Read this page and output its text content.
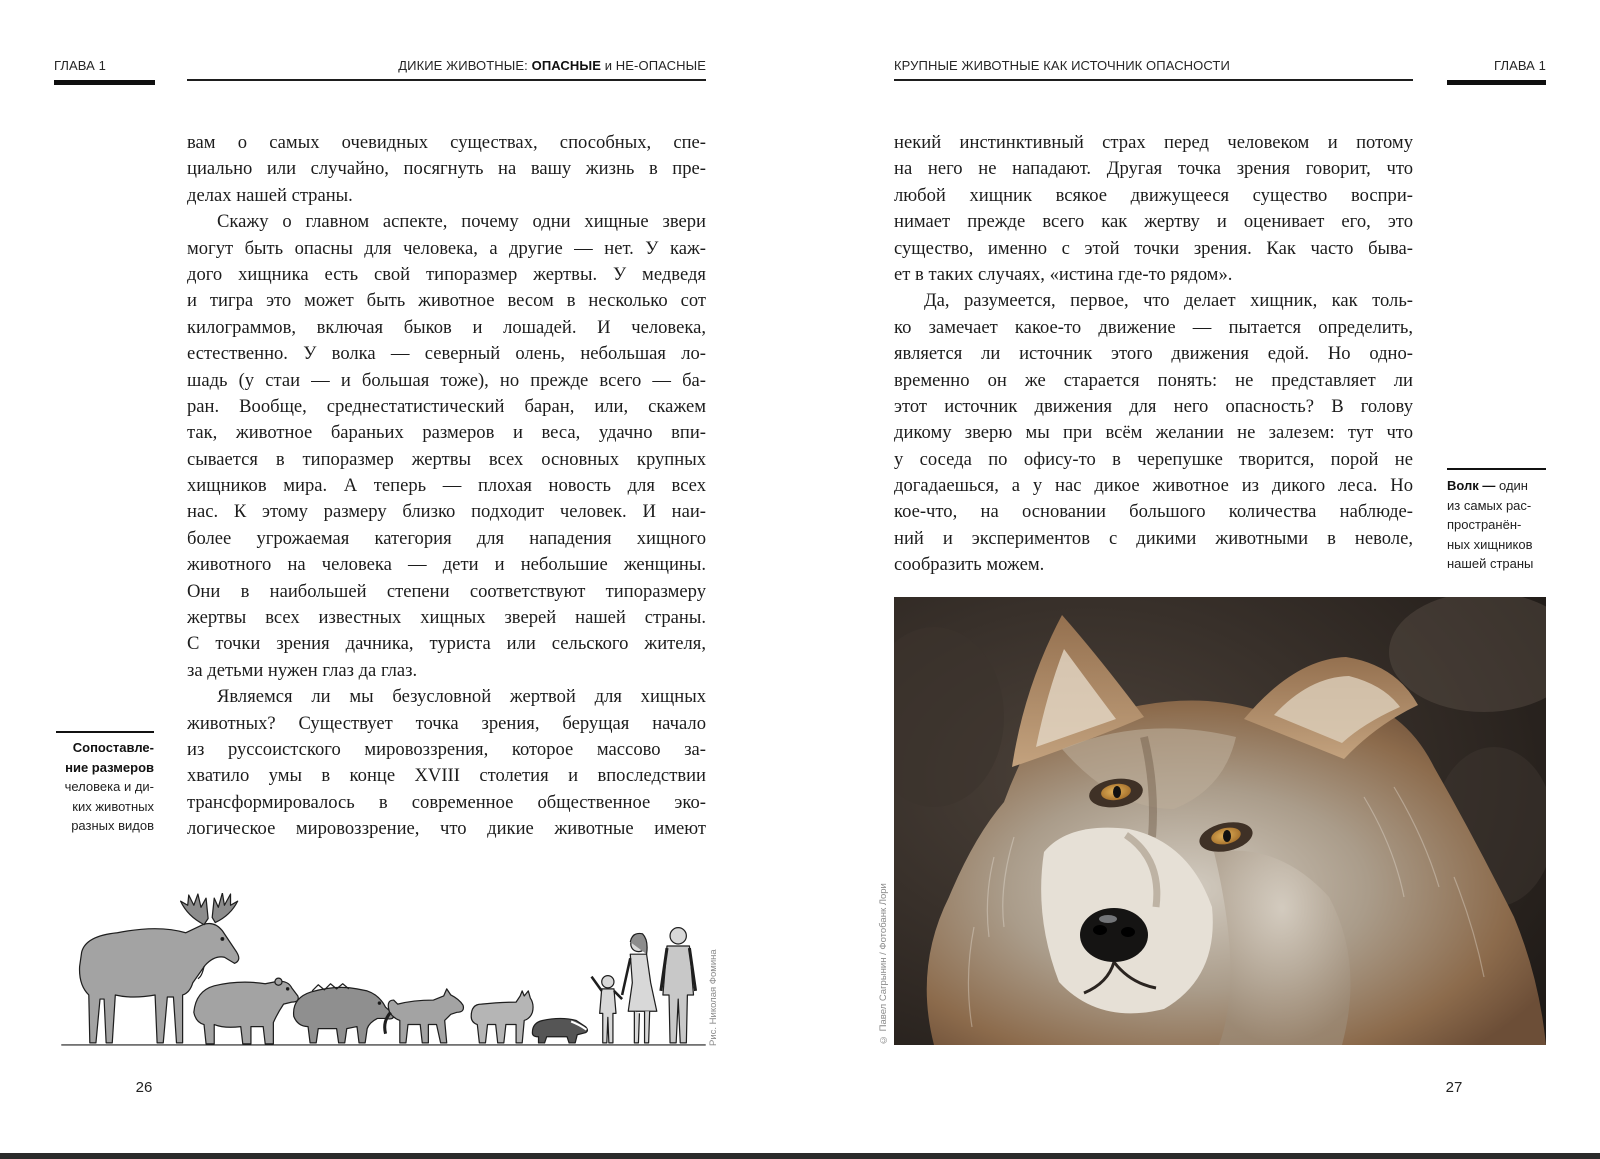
ГЛАВА 1	ДИКИЕ ЖИВОТНЫЕ: ОПАСНЫЕ и НЕ-ОПАСНЫЕ
вам о самых очевидных существах, способных, спе-
циально или случайно, посягнуть на вашу жизнь в пре-
делах нашей страны.
Скажу о главном аспекте, почему одни хищные звери
могут быть опасны для человека, а другие — нет. У каж-
дого хищника есть свой типоразмер жертвы. У медведя
и тигра это может быть животное весом в несколько сот
килограммов, включая быков и лошадей. И человека,
естественно. У волка — северный олень, небольшая ло-
шадь (у стаи — и большая тоже), но прежде всего — ба-
ран. Вообще, среднестатистический баран, или, скажем
так, животное бараньих размеров и веса, удачно впи-
сывается в типоразмер жертвы всех основных крупных
хищников мира. А теперь — плохая новость для всех
нас. К этому размеру близко подходит человек. И наи-
более угрожаемая категория для нападения хищного
животного на человека — дети и небольшие женщины.
Они в наибольшей степени соответствуют типоразмеру
жертвы всех известных хищных зверей нашей страны.
С точки зрения дачника, туриста или сельского жителя,
за детьми нужен глаз да глаз.
Являемся ли мы безусловной жертвой для хищных
животных? Существует точка зрения, берущая начало
из руссоистского мировоззрения, которое массово за-
хватило умы в конце XVIII столетия и впоследствии
трансформировалось в современное общественное эко-
логическое мировоззрение, что дикие животные имеют
Сопоставле-
ние размеров
человека и ди-
ких животных
разных видов
Рис. Николая Фомина
26
КРУПНЫЕ ЖИВОТНЫЕ КАК ИСТОЧНИК ОПАСНОСТИ	ГЛАВА 1
некий инстинктивный страх перед человеком и потому
на него не нападают. Другая точка зрения говорит, что
любой хищник всякое движущееся существо воспри-
нимает прежде всего как жертву и оценивает его, это
существо, именно с этой точки зрения. Как часто быва-
ет в таких случаях, «истина где-то рядом».
Да, разумеется, первое, что делает хищник, как толь-
ко замечает какое-то движение — пытается определить,
является ли источник этого движения едой. Но одно-
временно он же старается понять: не представляет ли
этот источник движения для него опасность? В голову
дикому зверю мы при всём желании не залезем: тут что
у соседа по офису-то в черепушке творится, порой не
догадаешься, а у нас дикое животное из дикого леса. Но
кое-что, на основании большого количества наблюде-
ний и экспериментов с дикими животными в неволе,
сообразить можем.
Волк — один
из самых рас-
пространён-
ных хищников
нашей страны
© Павел Сагрынин / Фотобанк Лори
27
